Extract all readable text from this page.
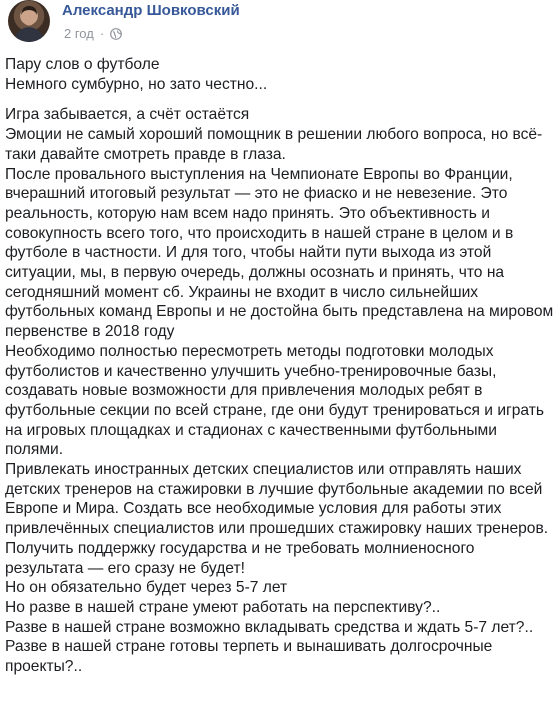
Александр Шовковский
2 год ·

Пару слов о футболе

Немного сумбурно, но зато честно...

Игра забывается, а счёт остаётся

Эмоции не самый хороший помощник в решении любого вопроса, но всё-таки давайте смотреть правде в глаза.

После провального выступления на Чемпионате Европы во Франции, вчерашний итоговый результат — это не фиаско и не невезение. Это реальность, которую нам всем надо принять. Это объективность и совокупность всего того, что происходить в нашей стране в целом и в футболе в частности. И для того, чтобы найти пути выхода из этой ситуации, мы, в первую очередь, должны осознать и принять, что на сегодняшний момент сб. Украины не входит в число сильнейших футбольных команд Европы и не достойна быть представлена на мировом первенстве в 2018 году

Необходимо полностью пересмотреть методы подготовки молодых футболистов и качественно улучшить учебно-тренировочные базы, создавать новые возможности для привлечения молодых ребят в футбольные секции по всей стране, где они будут тренироваться и играть на игровых площадках и стадионах с качественными футбольными полями.

Привлекать иностранных детских специалистов или отправлять наших детских тренеров на стажировки в лучшие футбольные академии по всей Европе и Мира. Создать все необходимые условия для работы этих привлечённых специалистов или прошедших стажировку наших тренеров. Получить поддержку государства и не требовать молниеносного результата — его сразу не будет!

Но он обязательно будет через 5-7 лет

Но разве в нашей стране умеют работать на перспективу?..

Разве в нашей стране возможно вкладывать средства и ждать 5-7 лет?..

Разве в нашей стране готовы терпеть и вынашивать долгосрочные проекты?..
